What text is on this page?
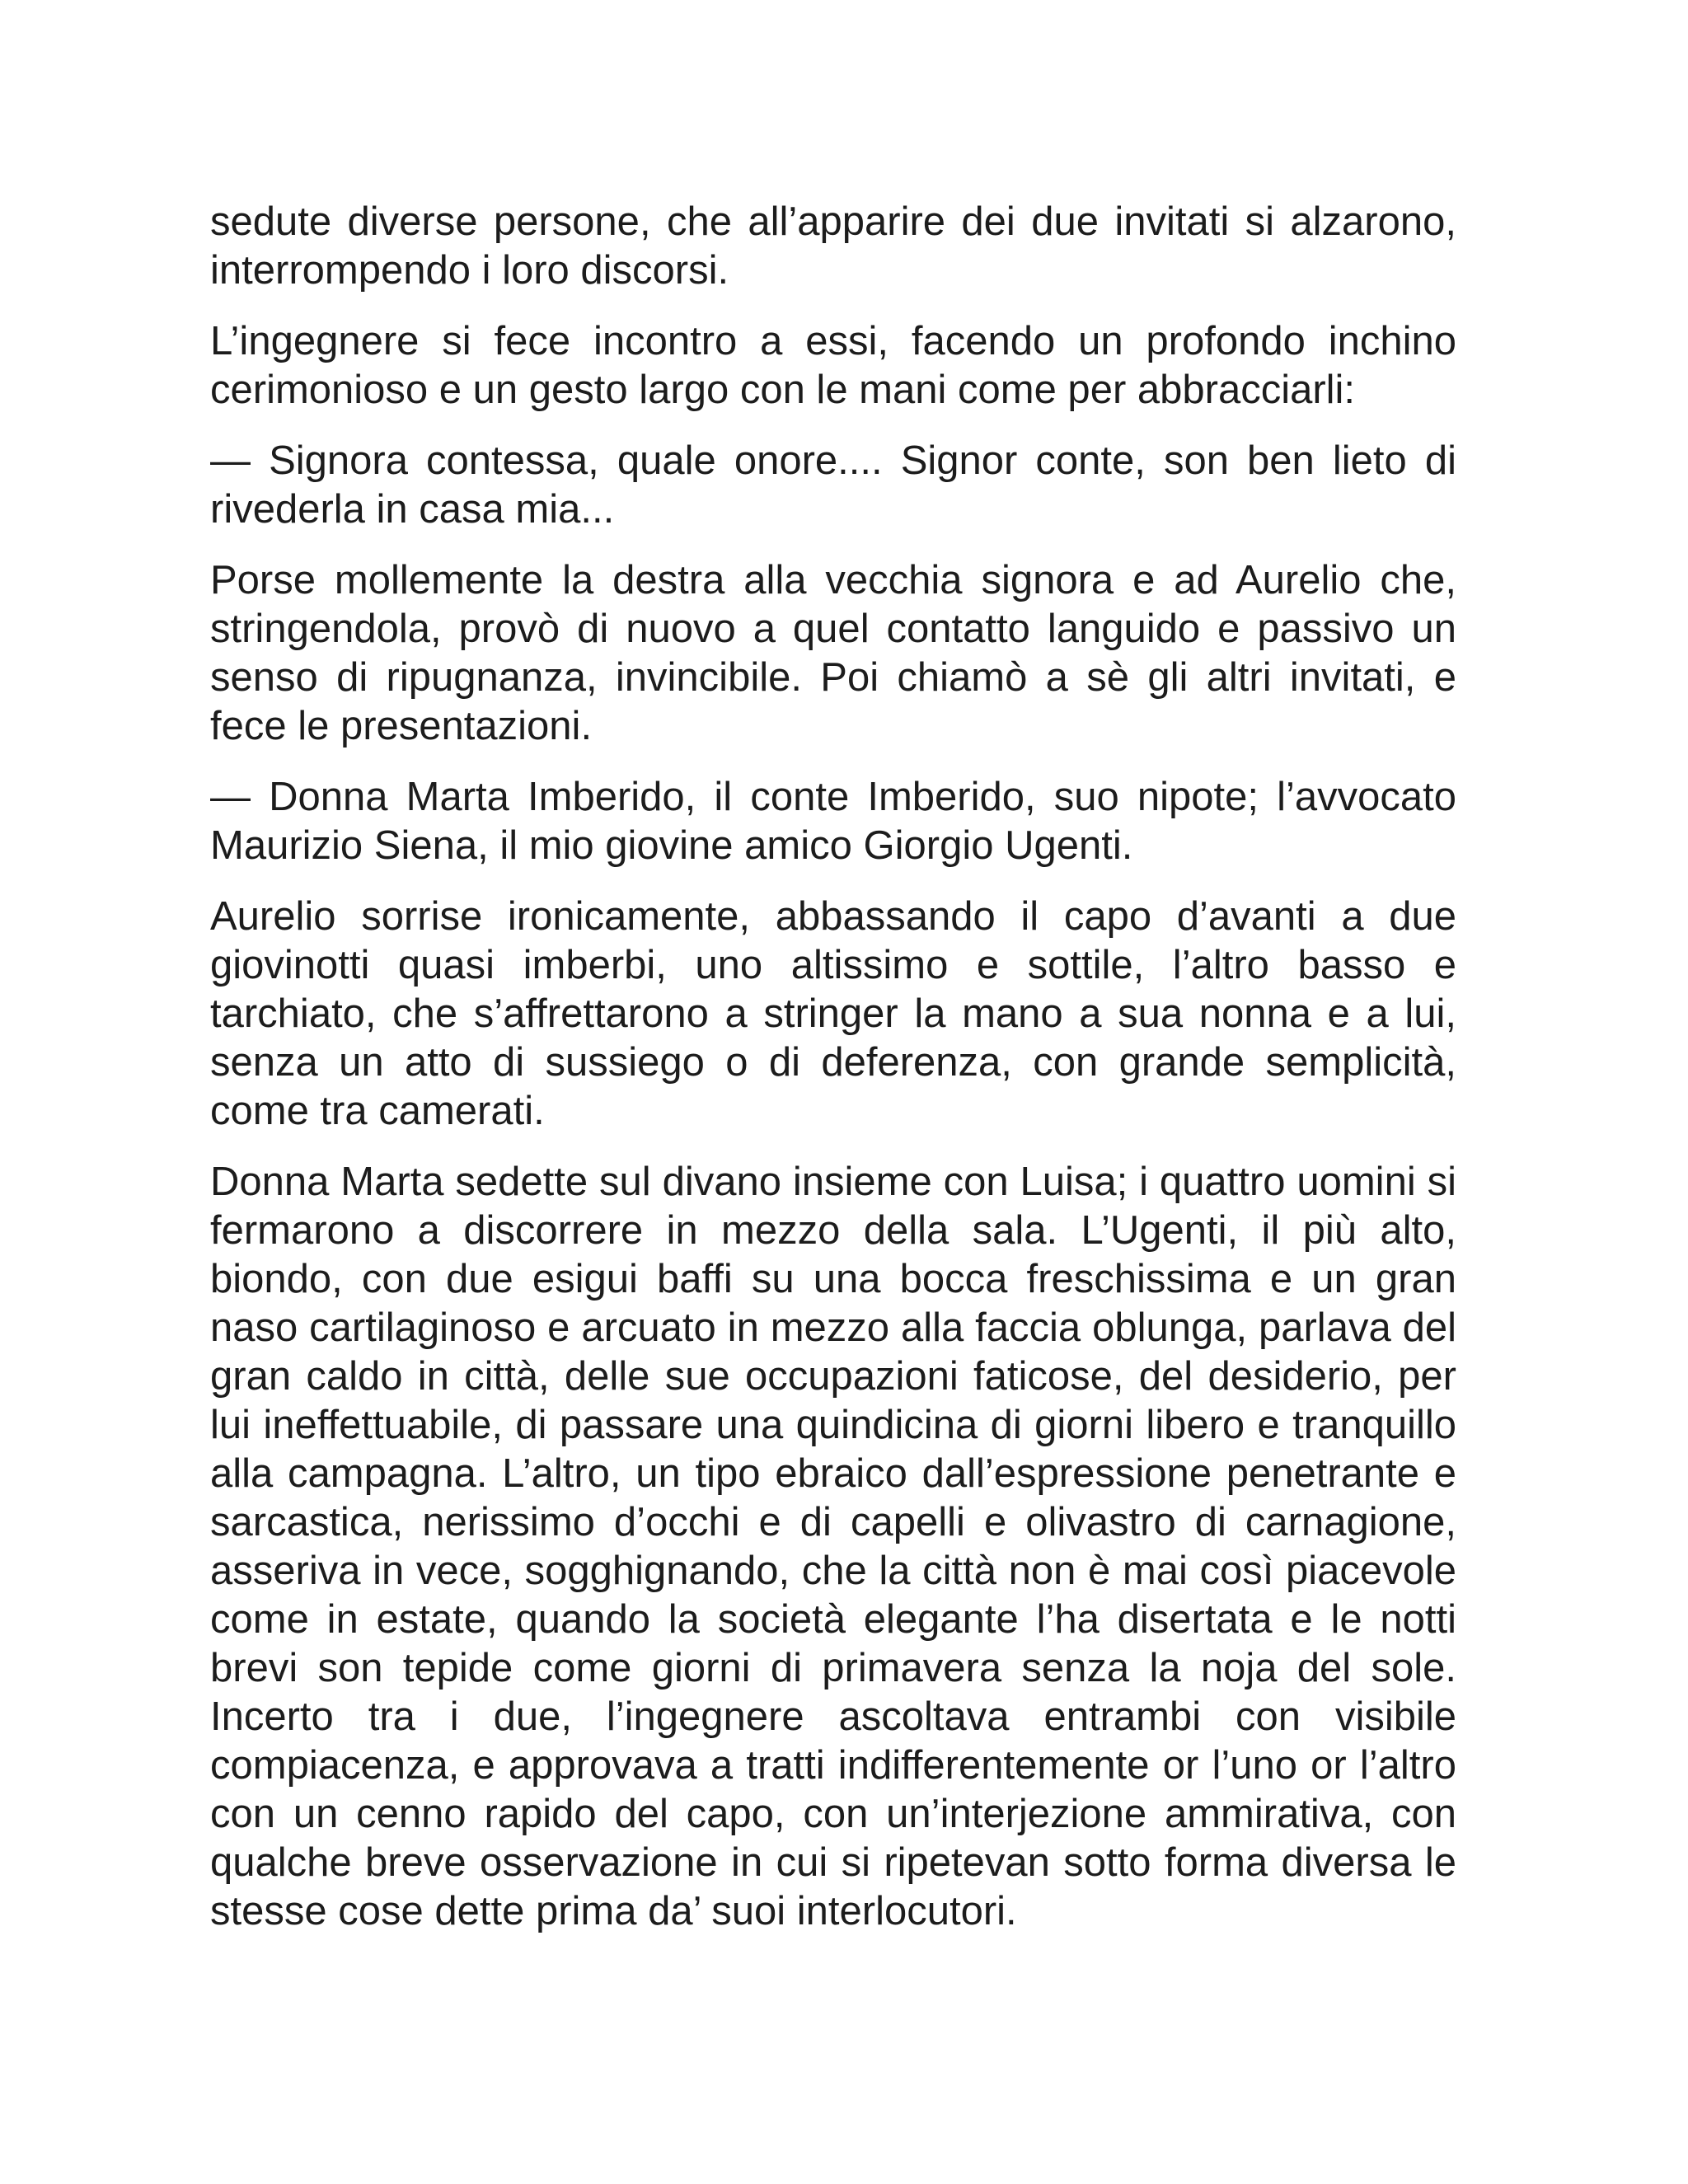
sedute diverse persone, che all’apparire dei due invitati si alzarono, interrompendo i loro discorsi.

L’ingegnere si fece incontro a essi, facendo un profondo inchino cerimonioso e un gesto largo con le mani come per abbracciarli:

— Signora contessa, quale onore.... Signor conte, son ben lieto di rivederla in casa mia...

Porse mollemente la destra alla vecchia signora e ad Aurelio che, stringendola, provò di nuovo a quel contatto languido e passivo un senso di ripugnanza, invincibile. Poi chiamò a sè gli altri invitati, e fece le presentazioni.

— Donna Marta Imberido, il conte Imberido, suo nipote; l’avvocato Maurizio Siena, il mio giovine amico Giorgio Ugenti.

Aurelio sorrise ironicamente, abbassando il capo d’avanti a due giovinotti quasi imberbi, uno altissimo e sottile, l’altro basso e tarchiato, che s’affrettarono a stringer la mano a sua nonna e a lui, senza un atto di sussiego o di deferenza, con grande semplicità, come tra camerati.

Donna Marta sedette sul divano insieme con Luisa; i quattro uomini si fermarono a discorrere in mezzo della sala. L’Ugenti, il più alto, biondo, con due esigui baffi su una bocca freschissima e un gran naso cartilaginoso e arcuato in mezzo alla faccia oblunga, parlava del gran caldo in città, delle sue occupazioni faticose, del desiderio, per lui ineffettuabile, di passare una quindicina di giorni libero e tranquillo alla campagna. L’altro, un tipo ebraico dall’espressione penetrante e sarcastica, nerissimo d’occhi e di capelli e olivastro di carnagione, asseriva in vece, sogghignando, che la città non è mai così piacevole come in estate, quando la società elegante l’ha disertata e le notti brevi son tepide come giorni di primavera senza la noja del sole. Incerto tra i due, l’ingegnere ascoltava entrambi con visibile compiacenza, e approvava a tratti indifferentemente or l’uno or l’altro con un cenno rapido del capo, con un’interjezione ammirativa, con qualche breve osservazione in cui si ripetevan sotto forma diversa le stesse cose dette prima da’ suoi interlocutori.
